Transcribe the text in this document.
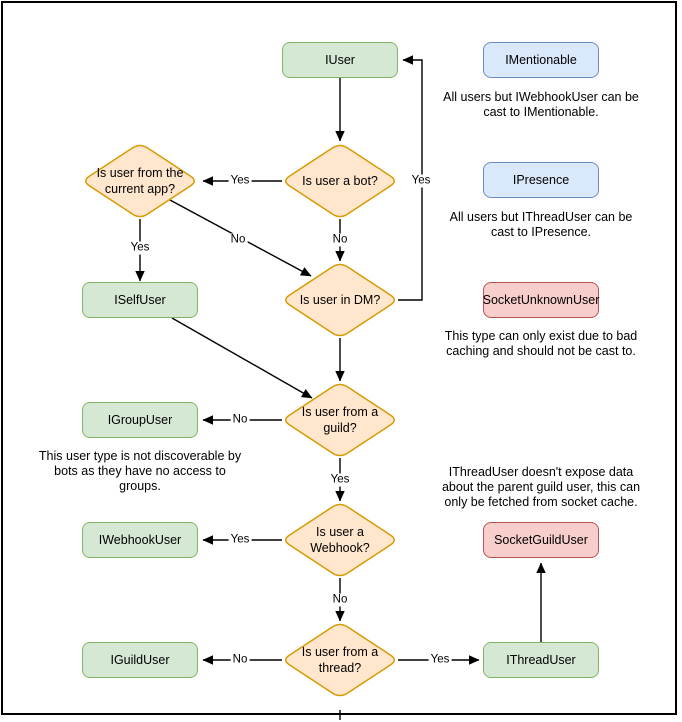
IUser	IMentionable
IPresence
SocketUnknownUser
ISelfUser
IGroupUser
IWebhookUser	SocketGuildUser
IGuildUser	IThreadUser
Is user a bot?
Is user from the current app?
Is user in DM?
Is user from a guild?
Is user a Webhook?
Is user from a thread?
Yes	Yes
Yes
No	No
No
Yes
Yes
No
No	Yes
All users but IWebhookUser can be
cast to IMentionable.
All users but IThreadUser can be
cast to IPresence.
This type can only exist due to bad
caching and should not be cast to.
This user type is not discoverable by
bots as they have no access to
groups.
IThreadUser doesn't expose data
about the parent guild user, this can
only be fetched from socket cache.
